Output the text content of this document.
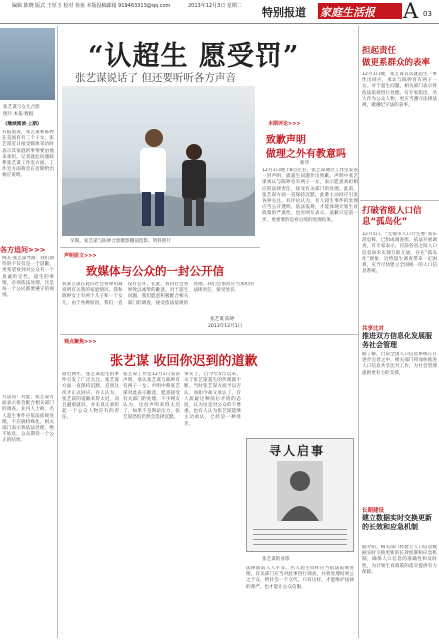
编辑 陈晓 版式 王厚玉 校对 鱼鱼 本版投稿邮箱 919463313@qq.com	2013年12月3日 星期二 特别报道 家庭生活报 A 03
张艺谋与女儿合影
图片·本报·数据
《继续阅读·上期》
有报道说，张艺谋和陈婷在美国育有三个子女，张艺谋近日接受媒体采访时表示其家庭的事情要由他来承担。记者就此问题联系张艺谋工作室方面，工作室方面称会在近期给出相应说明。
各方追问>>>
网友·张艺谋导演：我们期待的不仅仅是一个道歉，更希望看到对公众有一个真诚的交代。超生的事情，必须依法处理，这是每一个公民都要遵守的规则。
方法问：对此，张艺谋方面表示将会配合相关部门的调查。业内人士称，名人超生事件应依法依规处理，不应搞特殊化。相关部门表示将依法处理，绝不姑息。公众期待一个公正的结果。
“认超生 愿受罚”
张艺谋说话了 但还要听听各方声音
早期，张艺谋与陈婷合影摄影棚前留影。资料照片
本期评论>>>
致歉声明
做理之外有教意吗
新华
12月1日晚上8点左右，张艺谋通过工作室发表一封声明，就超生问题作出致歉。声明中张艺谋承认与陈婷育有两子一女，表示愿意承担相应的法律责任，接受有关部门的处理。此前，张艺谋方面一直保持沉默，此番主动回应引发各界关注。有评论认为，名人超生事件的处理应当公开透明，依法依规，才能体现计划生育政策的严肃性。也有网友表示，道歉只是第一步，更重要的是看后续的处理结果。
声明原文>>>
致媒体与公众的一封公开信
我张艺谋在此向社会各界坦诚说明有关我的家庭情况。我和陈婷女士有两个儿子和一个女儿。由于各种原因，我们一直没有公开。在此，我向社会各界致以诚挚的歉意。对于超生问题，我们愿意积极配合相关部门的调查，接受依法依规的处理。我们会承担应当承担的法律责任，接受处罚。
张艺谋 陈婷
2013年12月1日
观点聚焦>>>
张艺谋 收回你迟到的道歉
最近两年，张艺谋超生的事件引发了广泛关注。张艺谋方面一直保持沉默，直到这次才正式回应。有人认为，张艺谋的道歉来得太迟，而且避重就轻，并未真正承担起一个公众人物应有的责任。
张艺谋工作室12月1日发表声明，承认张艺谋与陈婷育有两子一女。声明中称张艺谋对此表示歉意，愿意接受有关部门的处理。不少网友认为，这份声明来得太迟了，如果不是舆论压力，张艺谋恐怕仍然会选择沉默。
事实上，自今年5月以来，关于张艺谋超生的传闻就不断。当时张艺谋方面予以否认，而如今却又承认了。有人质疑这种前后矛盾的态度，认为这是对公众的不尊重。也有人认为张艺谋能够主动承认，已经是一种进步。
寻人启事
张艺谋的身影
法律面前人人平等。名人超生同样应当依法依规处理。有关部门应当对此事进行调查，并将处理结果公之于众，给社会一个交代。只有这样，才能维护法律的尊严，也才能让公众信服。
担起责任
做更系群众的表率
12月1日晚，张艺谋首次就超生一事作出回应，承认与陈婷育有两子一女。对于超生问题，相关部门表示将依法依规进行处理。有专家指出，名人作为公众人物，更应当遵守法律法规，做遵纪守法的表率。
打破省级人口信息“孤岛化”
12月1日，“无锡市人口计生委”发布消息称，已组成调查组，依法开展调查。有专家表示，目前各省之间人口信息尚未实现互联互通，存在“孤岛化”现象，这给超生调查带来一定困难，应当尽快建立全国统一的人口信息系统。
共享比对
推进双方信息化发展服务社会管理
据了解，目前全国人口信息系统正在逐步完善之中，相关部门将加快推进人口信息共享比对工作，为社会管理提供更有力的支撑。
长期建设
建立数据实时交换更新的长效和应急机制
据介绍，相关部门将建立人口信息数据实时交换更新的长效机制和应急机制，确保人口信息的准确性和及时性，为计划生育政策的落实提供有力保障。
